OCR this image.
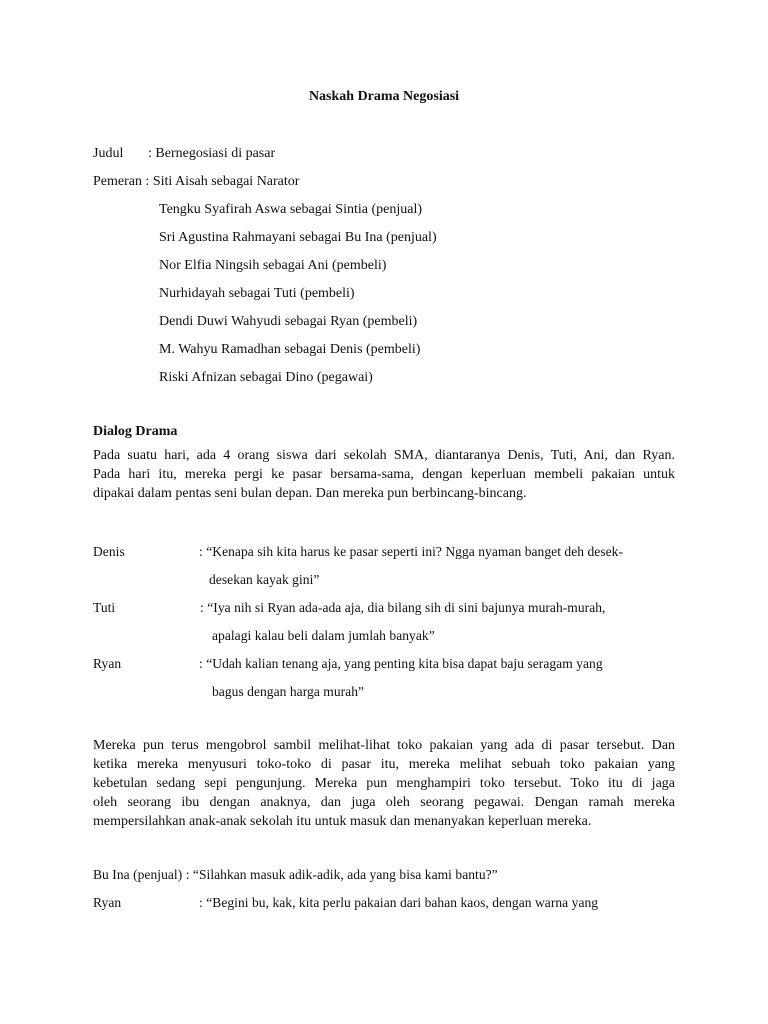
Naskah Drama Negosiasi
Judul : Bernegosiasi di pasar
Pemeran : Siti Aisah sebagai Narator
Tengku Syafirah Aswa sebagai Sintia (penjual)
Sri Agustina Rahmayani sebagai Bu Ina (penjual)
Nor Elfia Ningsih sebagai Ani (pembeli)
Nurhidayah sebagai Tuti (pembeli)
Dendi Duwi Wahyudi sebagai Ryan (pembeli)
M. Wahyu Ramadhan sebagai Denis (pembeli)
Riski Afnizan sebagai Dino (pegawai)
Dialog Drama
Pada suatu hari, ada 4 orang siswa dari sekolah SMA, diantaranya Denis, Tuti, Ani, dan Ryan.
Pada hari itu, mereka pergi ke pasar bersama-sama, dengan keperluan membeli pakaian untuk
dipakai dalam pentas seni bulan depan. Dan mereka pun berbincang-bincang.
Denis	: “Kenapa sih kita harus ke pasar seperti ini? Ngga nyaman banget deh desek-
desekan kayak gini”
Tuti	: “Iya nih si Ryan ada-ada aja, dia bilang sih di sini bajunya murah-murah,
apalagi kalau beli dalam jumlah banyak”
Ryan	: “Udah kalian tenang aja, yang penting kita bisa dapat baju seragam yang
bagus dengan harga murah”
Mereka pun terus mengobrol sambil melihat-lihat toko pakaian yang ada di pasar tersebut. Dan
ketika mereka menyusuri toko-toko di pasar itu, mereka melihat sebuah toko pakaian yang
kebetulan sedang sepi pengunjung. Mereka pun menghampiri toko tersebut. Toko itu di jaga
oleh seorang ibu dengan anaknya, dan juga oleh seorang pegawai. Dengan ramah mereka
mempersilahkan anak-anak sekolah itu untuk masuk dan menanyakan keperluan mereka.
Bu Ina (penjual) : “Silahkan masuk adik-adik, ada yang bisa kami bantu?”
Ryan	: “Begini bu, kak, kita perlu pakaian dari bahan kaos, dengan warna yang
